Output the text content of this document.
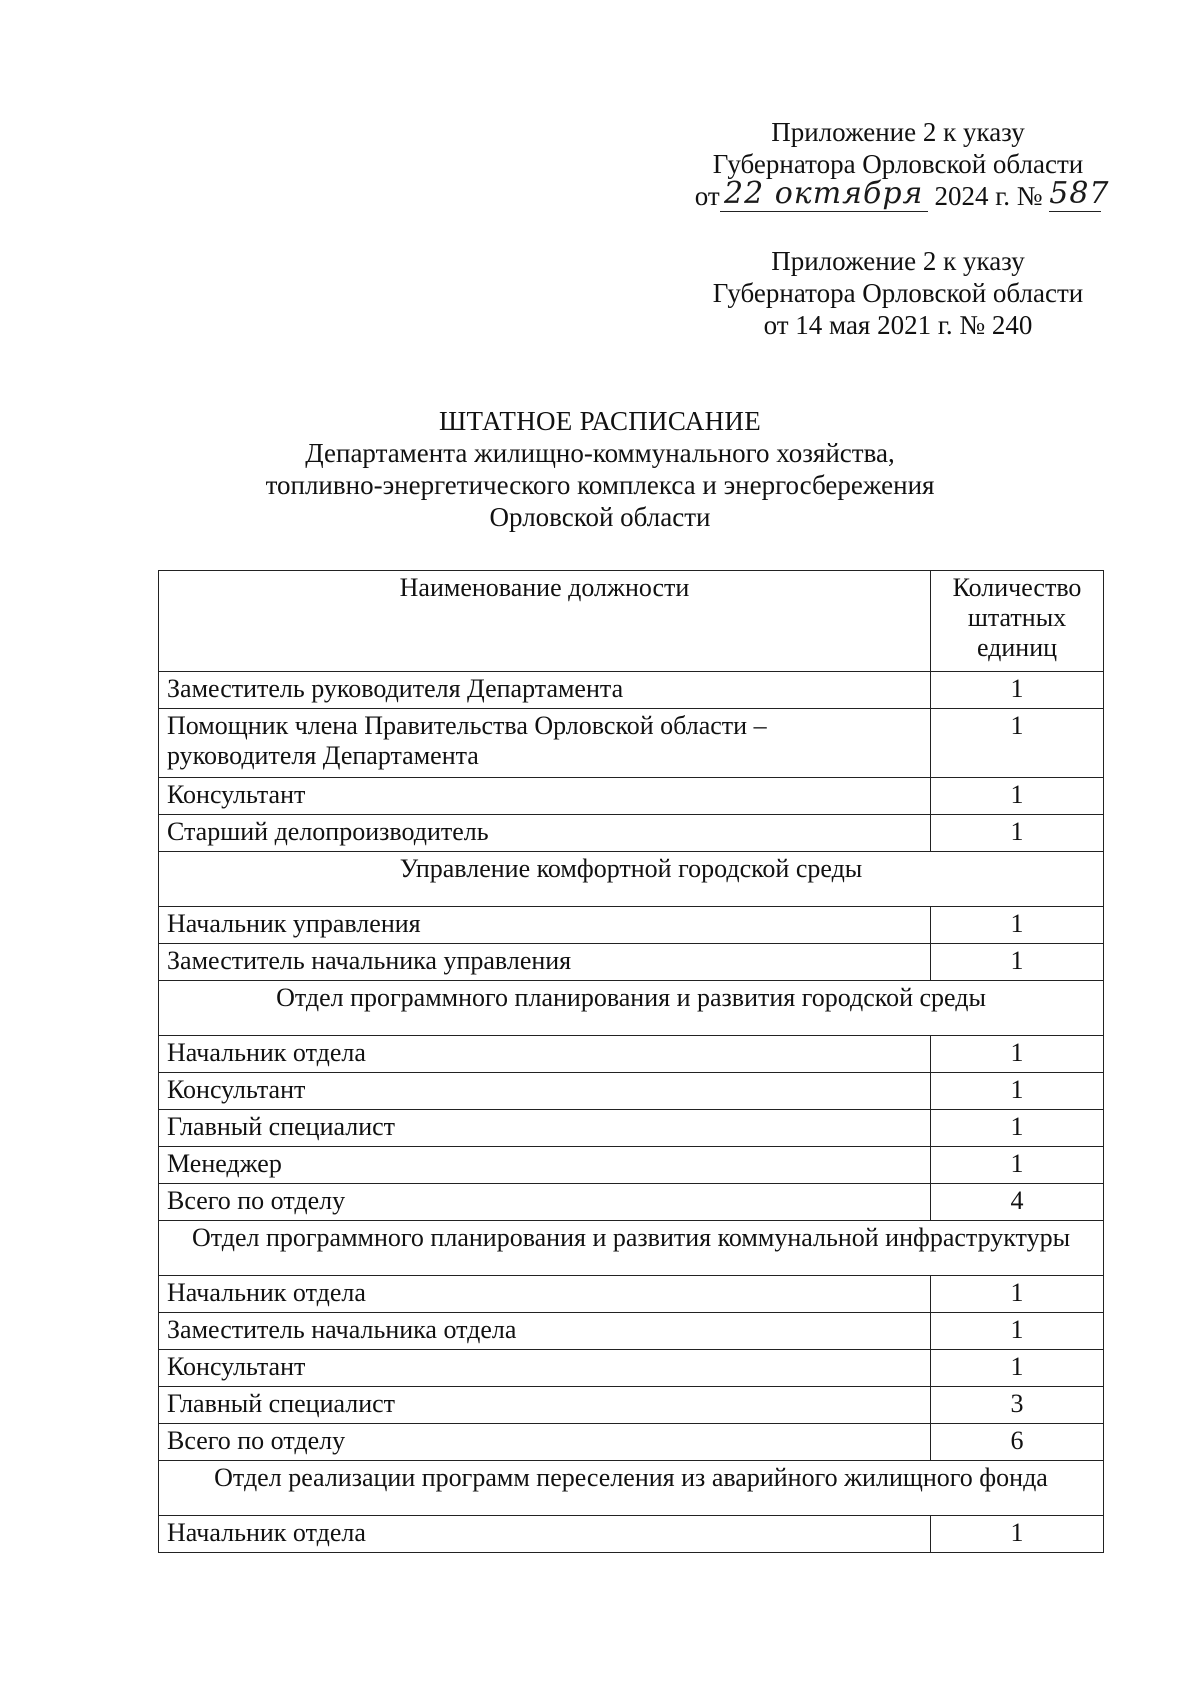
Приложение 2 к указу
Губернатора Орловской области
от 22 октября 2024 г. № 587
Приложение 2 к указу
Губернатора Орловской области
от 14 мая 2021 г. № 240
ШТАТНОЕ РАСПИСАНИЕ
Департамента жилищно-коммунального хозяйства,
топливно-энергетического комплекса и энергосбережения
Орловской области
Наименование должности	Количество штатных единиц
Заместитель руководителя Департамента	1
Помощник члена Правительства Орловской области – руководителя Департамента	1
Консультант	1
Старший делопроизводитель	1
Управление комфортной городской среды	
Начальник управления	1
Заместитель начальника управления	1
Отдел программного планирования и развития городской среды	
Начальник отдела	1
Консультант	1
Главный специалист	1
Менеджер	1
Всего по отделу	4
Отдел программного планирования и развития коммунальной инфраструктуры	
Начальник отдела	1
Заместитель начальника отдела	1
Консультант	1
Главный специалист	3
Всего по отделу	6
Отдел реализации программ переселения из аварийного жилищного фонда	
Начальник отдела	1
